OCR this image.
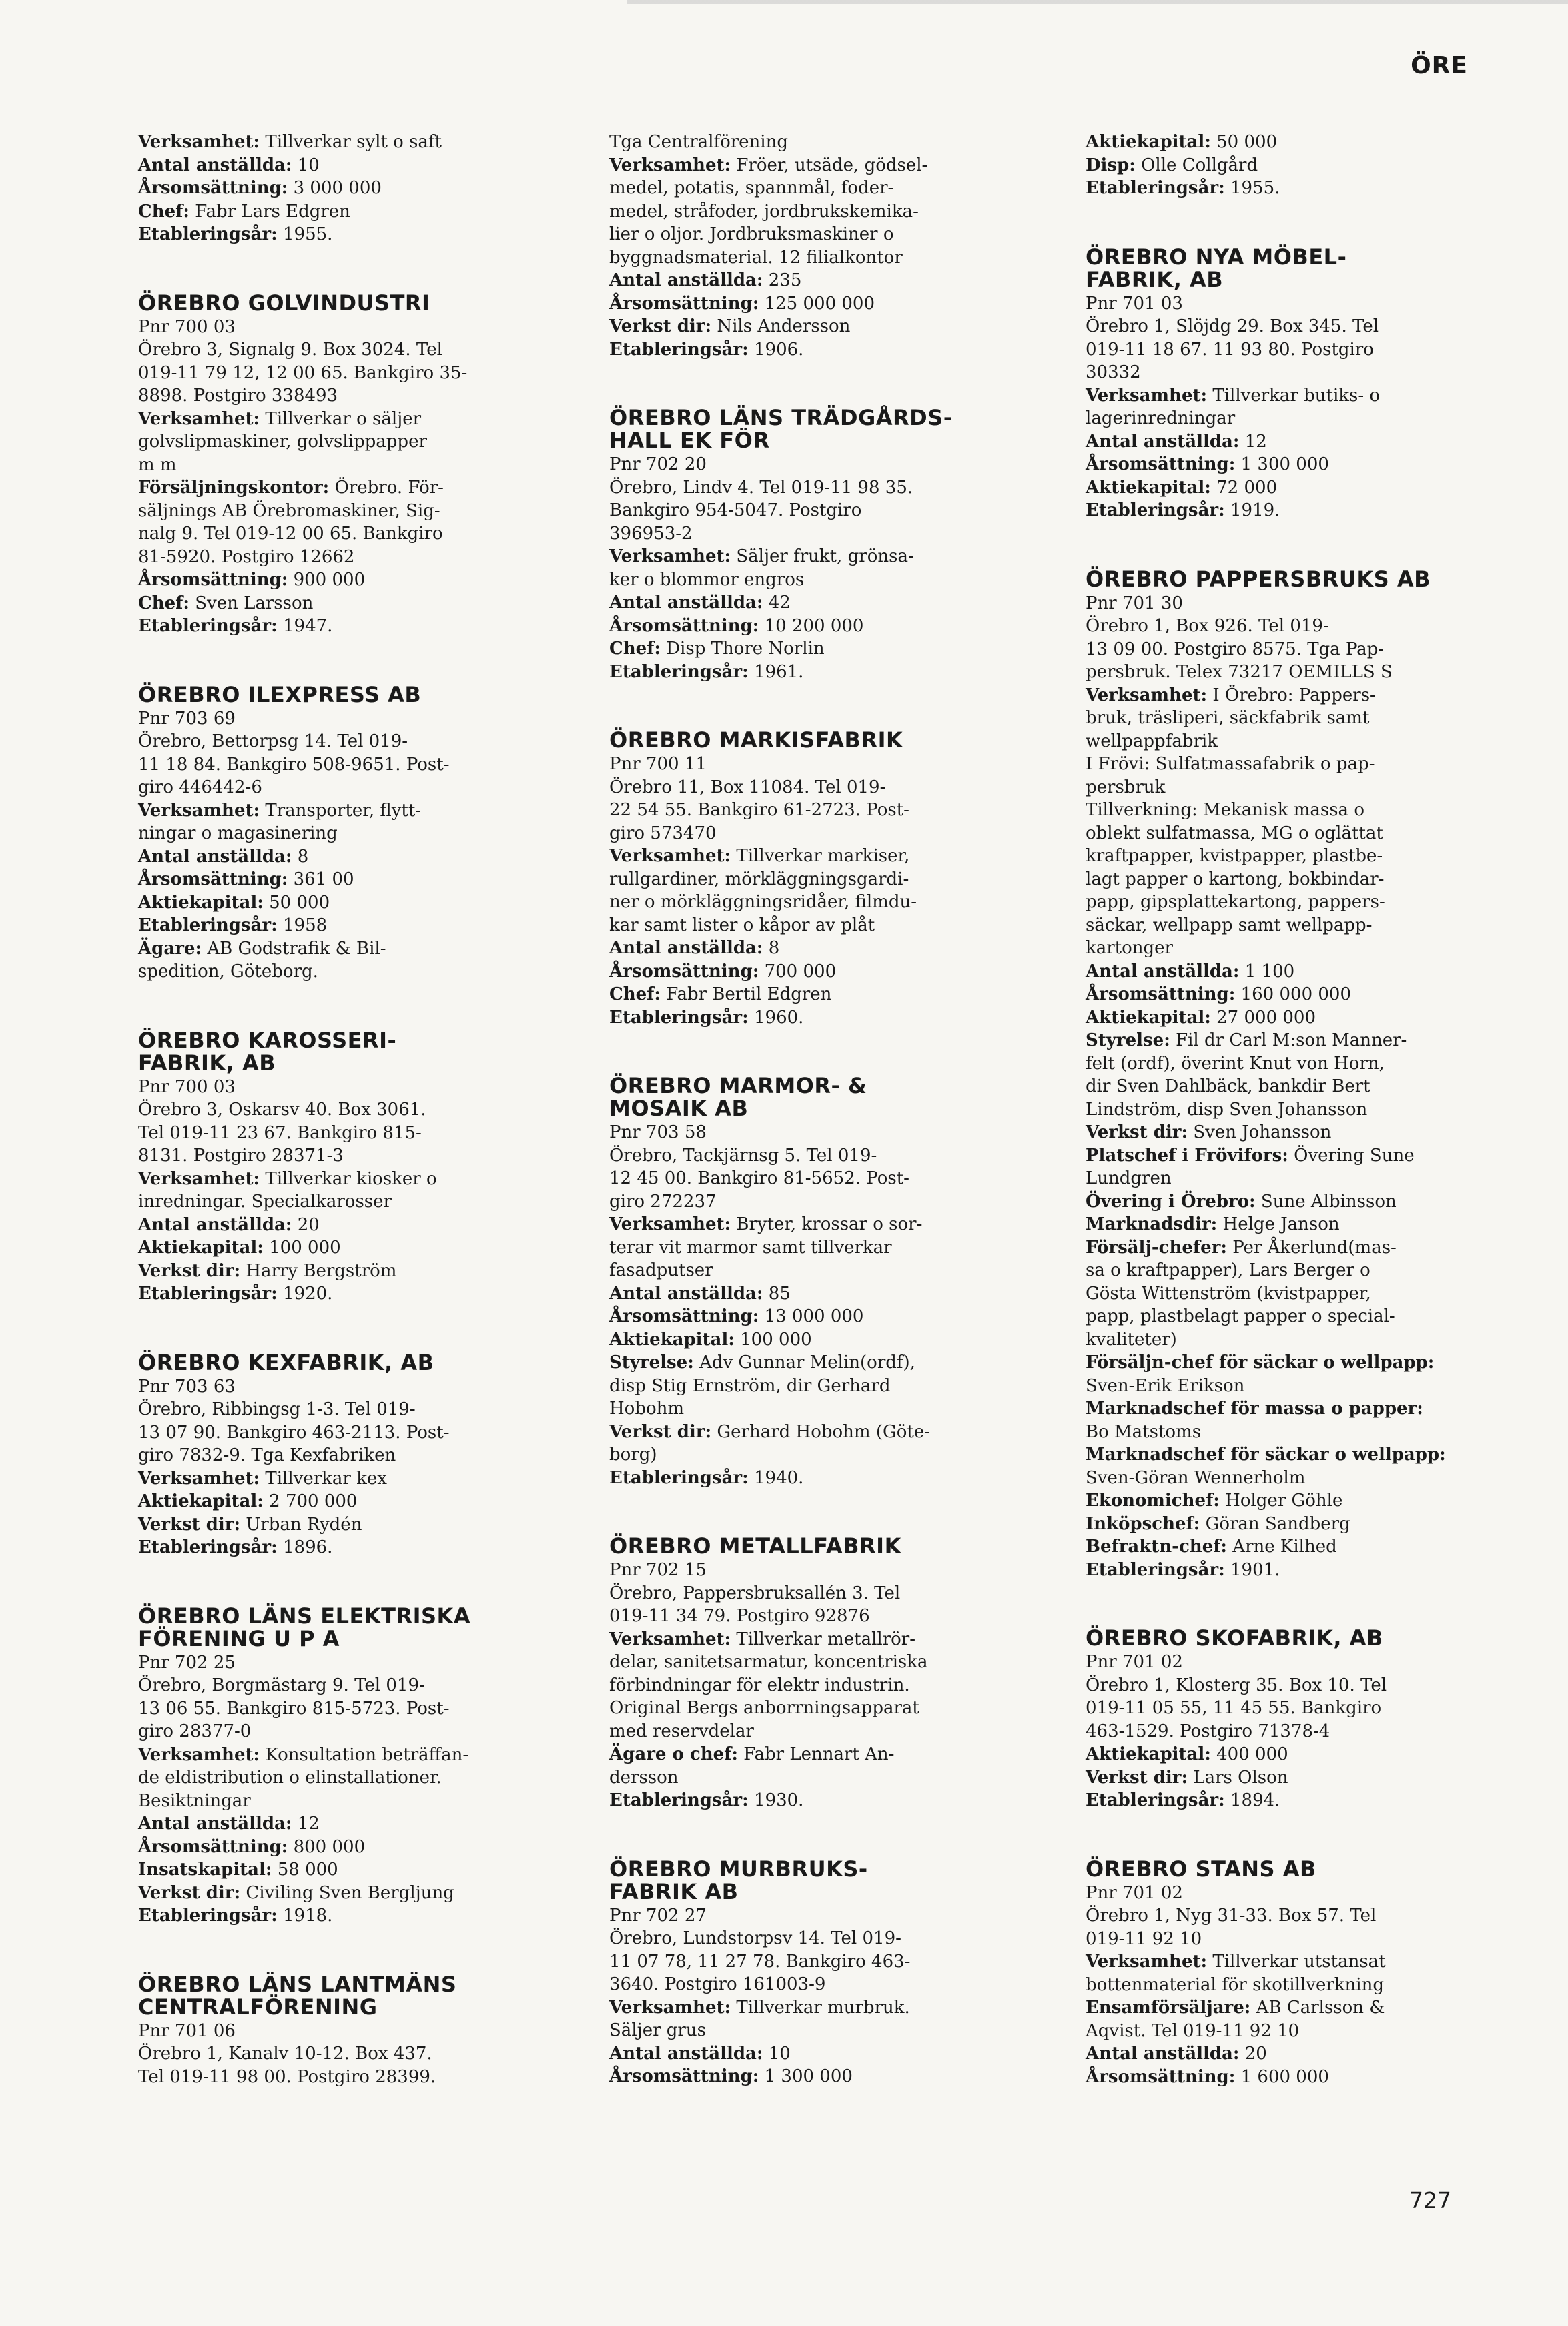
ÖRE
Verksamhet: Tillverkar sylt o saft
Antal anställda: 10
Årsomsättning: 3 000 000
Chef: Fabr Lars Edgren
Etableringsår: 1955.
ÖREBRO GOLVINDUSTRI
Pnr 700 03
Örebro 3, Signalg 9. Box 3024. Tel
019-11 79 12, 12 00 65. Bankgiro 35-
8898. Postgiro 338493
Verksamhet: Tillverkar o säljer
golvslipmaskiner, golvslippapper
m m
Försäljningskontor: Örebro. För-
säljnings AB Örebromaskiner, Sig-
nalg 9. Tel 019-12 00 65. Bankgiro
81-5920. Postgiro 12662
Årsomsättning: 900 000
Chef: Sven Larsson
Etableringsår: 1947.
ÖREBRO ILEXPRESS AB
Pnr 703 69
Örebro, Bettorpsg 14. Tel 019-
11 18 84. Bankgiro 508-9651. Post-
giro 446442-6
Verksamhet: Transporter, flytt-
ningar o magasinering
Antal anställda: 8
Årsomsättning: 361 00
Aktiekapital: 50 000
Etableringsår: 1958
Ägare: AB Godstrafik & Bil-
spedition, Göteborg.
ÖREBRO KAROSSERI-
FABRIK, AB
Pnr 700 03
Örebro 3, Oskarsv 40. Box 3061.
Tel 019-11 23 67. Bankgiro 815-
8131. Postgiro 28371-3
Verksamhet: Tillverkar kiosker o
inredningar. Specialkarosser
Antal anställda: 20
Aktiekapital: 100 000
Verkst dir: Harry Bergström
Etableringsår: 1920.
ÖREBRO KEXFABRIK, AB
Pnr 703 63
Örebro, Ribbingsg 1-3. Tel 019-
13 07 90. Bankgiro 463-2113. Post-
giro 7832-9. Tga Kexfabriken
Verksamhet: Tillverkar kex
Aktiekapital: 2 700 000
Verkst dir: Urban Rydén
Etableringsår: 1896.
ÖREBRO LÄNS ELEKTRISKA
FÖRENING U P A
Pnr 702 25
Örebro, Borgmästarg 9. Tel 019-
13 06 55. Bankgiro 815-5723. Post-
giro 28377-0
Verksamhet: Konsultation beträffan-
de eldistribution o elinstallationer.
Besiktningar
Antal anställda: 12
Årsomsättning: 800 000
Insatskapital: 58 000
Verkst dir: Civiling Sven Bergljung
Etableringsår: 1918.
ÖREBRO LÄNS LANTMÄNS
CENTRALFÖRENING
Pnr 701 06
Örebro 1, Kanalv 10-12. Box 437.
Tel 019-11 98 00. Postgiro 28399.
Tga Centralförening
Verksamhet: Fröer, utsäde, gödsel-
medel, potatis, spannmål, foder-
medel, stråfoder, jordbrukskemika-
lier o oljor. Jordbruksmaskiner o
byggnadsmaterial. 12 filialkontor
Antal anställda: 235
Årsomsättning: 125 000 000
Verkst dir: Nils Andersson
Etableringsår: 1906.
ÖREBRO LÄNS TRÄDGÅRDS-
HALL EK FÖR
Pnr 702 20
Örebro, Lindv 4. Tel 019-11 98 35.
Bankgiro 954-5047. Postgiro
396953-2
Verksamhet: Säljer frukt, grönsa-
ker o blommor engros
Antal anställda: 42
Årsomsättning: 10 200 000
Chef: Disp Thore Norlin
Etableringsår: 1961.
ÖREBRO MARKISFABRIK
Pnr 700 11
Örebro 11, Box 11084. Tel 019-
22 54 55. Bankgiro 61-2723. Post-
giro 573470
Verksamhet: Tillverkar markiser,
rullgardiner, mörkläggningsgardi-
ner o mörkläggningsridåer, filmdu-
kar samt lister o kåpor av plåt
Antal anställda: 8
Årsomsättning: 700 000
Chef: Fabr Bertil Edgren
Etableringsår: 1960.
ÖREBRO MARMOR- &
MOSAIK AB
Pnr 703 58
Örebro, Tackjärnsg 5. Tel 019-
12 45 00. Bankgiro 81-5652. Post-
giro 272237
Verksamhet: Bryter, krossar o sor-
terar vit marmor samt tillverkar
fasadputser
Antal anställda: 85
Årsomsättning: 13 000 000
Aktiekapital: 100 000
Styrelse: Adv Gunnar Melin(ordf),
disp Stig Ernström, dir Gerhard
Hobohm
Verkst dir: Gerhard Hobohm (Göte-
borg)
Etableringsår: 1940.
ÖREBRO METALLFABRIK
Pnr 702 15
Örebro, Pappersbruksallén 3. Tel
019-11 34 79. Postgiro 92876
Verksamhet: Tillverkar metallrör-
delar, sanitetsarmatur, koncentriska
förbindningar för elektr industrin.
Original Bergs anborrningsapparat
med reservdelar
Ägare o chef: Fabr Lennart An-
dersson
Etableringsår: 1930.
ÖREBRO MURBRUKS-
FABRIK AB
Pnr 702 27
Örebro, Lundstorpsv 14. Tel 019-
11 07 78, 11 27 78. Bankgiro 463-
3640. Postgiro 161003-9
Verksamhet: Tillverkar murbruk.
Säljer grus
Antal anställda: 10
Årsomsättning: 1 300 000
Aktiekapital: 50 000
Disp: Olle Collgård
Etableringsår: 1955.
ÖREBRO NYA MÖBEL-
FABRIK, AB
Pnr 701 03
Örebro 1, Slöjdg 29. Box 345. Tel
019-11 18 67. 11 93 80. Postgiro
30332
Verksamhet: Tillverkar butiks- o
lagerinredningar
Antal anställda: 12
Årsomsättning: 1 300 000
Aktiekapital: 72 000
Etableringsår: 1919.
ÖREBRO PAPPERSBRUKS AB
Pnr 701 30
Örebro 1, Box 926. Tel 019-
13 09 00. Postgiro 8575. Tga Pap-
persbruk. Telex 73217 OEMILLS S
Verksamhet: I Örebro: Pappers-
bruk, träsliperi, säckfabrik samt
wellpappfabrik
I Frövi: Sulfatmassafabrik o pap-
persbruk
Tillverkning: Mekanisk massa o
oblekt sulfatmassa, MG o oglättat
kraftpapper, kvistpapper, plastbe-
lagt papper o kartong, bokbindar-
papp, gipsplattekartong, pappers-
säckar, wellpapp samt wellpapp-
kartonger
Antal anställda: 1 100
Årsomsättning: 160 000 000
Aktiekapital: 27 000 000
Styrelse: Fil dr Carl M:son Manner-
felt (ordf), överint Knut von Horn,
dir Sven Dahlbäck, bankdir Bert
Lindström, disp Sven Johansson
Verkst dir: Sven Johansson
Platschef i Frövifors: Övering Sune
Lundgren
Övering i Örebro: Sune Albinsson
Marknadsdir: Helge Janson
Försälj-chefer: Per Åkerlund(mas-
sa o kraftpapper), Lars Berger o
Gösta Wittenström (kvistpapper,
papp, plastbelagt papper o special-
kvaliteter)
Försäljn-chef för säckar o wellpapp:
Sven-Erik Erikson
Marknadschef för massa o papper:
Bo Matstoms
Marknadschef för säckar o wellpapp:
Sven-Göran Wennerholm
Ekonomichef: Holger Göhle
Inköpschef: Göran Sandberg
Befraktn-chef: Arne Kilhed
Etableringsår: 1901.
ÖREBRO SKOFABRIK, AB
Pnr 701 02
Örebro 1, Klosterg 35. Box 10. Tel
019-11 05 55, 11 45 55. Bankgiro
463-1529. Postgiro 71378-4
Aktiekapital: 400 000
Verkst dir: Lars Olson
Etableringsår: 1894.
ÖREBRO STANS AB
Pnr 701 02
Örebro 1, Nyg 31-33. Box 57. Tel
019-11 92 10
Verksamhet: Tillverkar utstansat
bottenmaterial för skotillverkning
Ensamförsäljare: AB Carlsson &
Aqvist. Tel 019-11 92 10
Antal anställda: 20
Årsomsättning: 1 600 000
727
